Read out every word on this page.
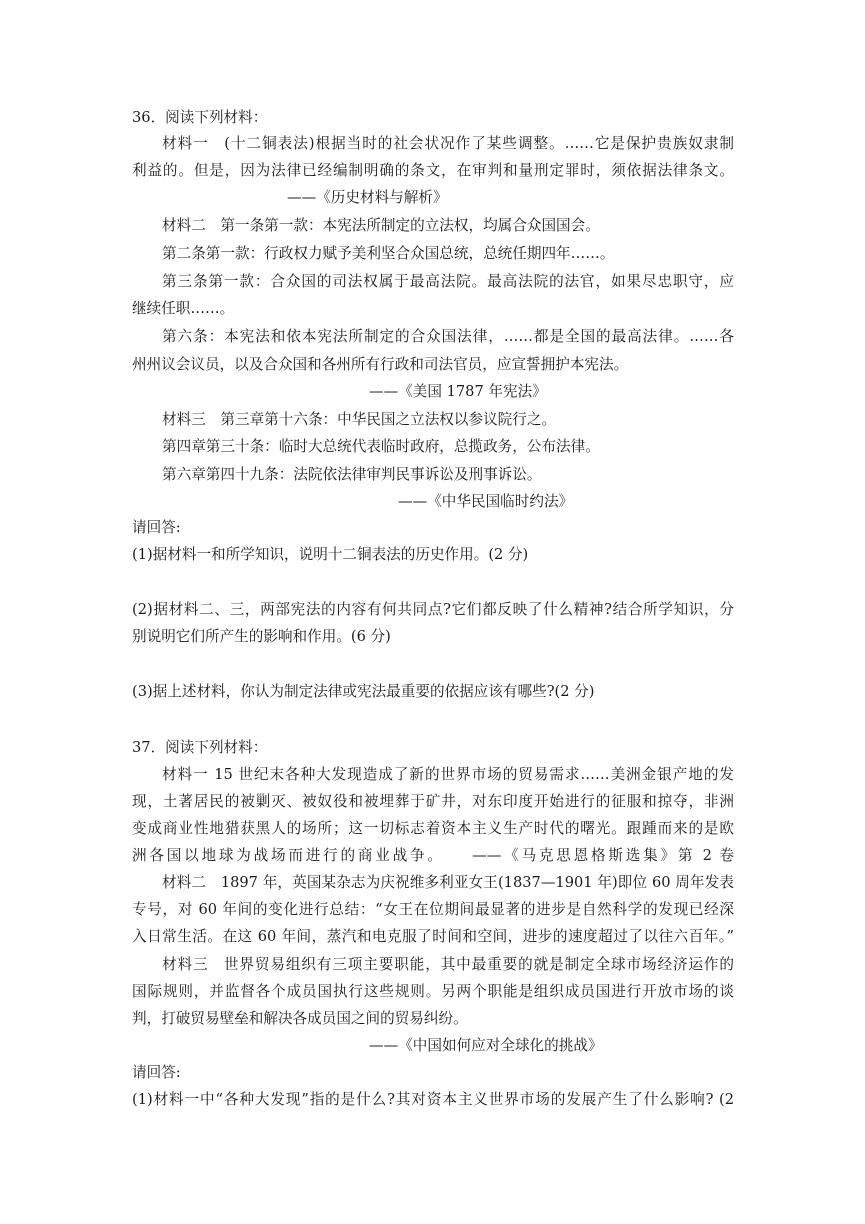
36．阅读下列材料：
材料一　(十二铜表法)根据当时的社会状况作了某些调整。……它是保护贵族奴隶制
利益的。但是，因为法律已经编制明确的条文，在审判和量刑定罪时，须依据法律条文。
——《历史材料与解析》
材料二　第一条第一款：本宪法所制定的立法权，均属合众国国会。
第二条第一款：行政权力赋予美利坚合众国总统，总统任期四年……。
第三条第一款：合众国的司法权属于最高法院。最高法院的法官，如果尽忠职守，应
继续任职……。
第六条：本宪法和依本宪法所制定的合众国法律，……都是全国的最高法律。……各
州州议会议员，以及合众国和各州所有行政和司法官员，应宣誓拥护本宪法。
——《美国 1787 年宪法》
材料三　第三章第十六条：中华民国之立法权以参议院行之。
第四章第三十条：临时大总统代表临时政府，总揽政务，公布法律。
第六章第四十九条：法院依法律审判民事诉讼及刑事诉讼。
——《中华民国临时约法》
请回答:
(1)据材料一和所学知识，说明十二铜表法的历史作用。(2 分)
(2)据材料二、三，两部宪法的内容有何共同点?它们都反映了什么精神?结合所学知识，分
别说明它们所产生的影响和作用。(6 分)
(3)据上述材料，你认为制定法律或宪法最重要的依据应该有哪些?(2 分)
37．阅读下列材料：
材料一 15 世纪末各种大发现造成了新的世界市场的贸易需求……美洲金银产地的发
现，土著居民的被剿灭、被奴役和被埋葬于矿井，对东印度开始进行的征服和掠夺，非洲
变成商业性地猎获黑人的场所；这一切标志着资本主义生产时代的曙光。跟踵而来的是欧
洲各国以地球为战场而进行的商业战争。　　——《马克思恩格斯选集》第 2 卷
材料二　1897 年，英国某杂志为庆祝维多利亚女王(1837—1901 年)即位 60 周年发表
专号，对 60 年间的变化进行总结：“女王在位期间最显著的进步是自然科学的发现已经深
入日常生活。在这 60 年间，蒸汽和电克服了时间和空间，进步的速度超过了以往六百年。”
材料三　世界贸易组织有三项主要职能，其中最重要的就是制定全球市场经济运作的
国际规则，并监督各个成员国执行这些规则。另两个职能是组织成员国进行开放市场的谈
判，打破贸易壁垒和解决各成员国之间的贸易纠纷。
——《中国如何应对全球化的挑战》
请回答:
(1)材料一中“各种大发现”指的是什么?其对资本主义世界市场的发展产生了什么影响? (2
